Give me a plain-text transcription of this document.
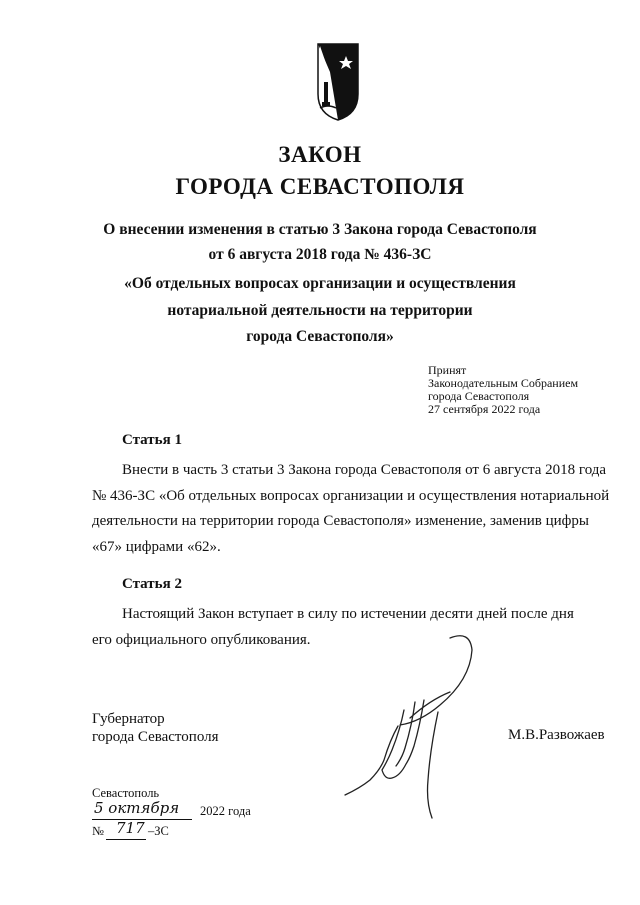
ЗАКОН
ГОРОДА СЕВАСТОПОЛЯ
О внесении изменения в статью 3 Закона города Севастополя
от 6 августа 2018 года № 436-ЗС
«Об отдельных вопросах организации и осуществления
нотариальной деятельности на территории
города Севастополя»
Принят
Законодательным Собранием
города Севастополя
27 сентября 2022 года
Статья 1
Внести в часть 3 статьи 3 Закона города Севастополя от 6 августа 2018 года
№ 436-ЗС «Об отдельных вопросах организации и осуществления нотариальной
деятельности на территории города Севастополя» изменение, заменив цифры
«67» цифрами «62».
Статья 2
Настоящий Закон вступает в силу по истечении десяти дней после дня
его официального опубликования.
Губернатор
города Севастополя	М.В.Развожаев
Севастополь
5 октября 2022 года
№ 717 –ЗС
